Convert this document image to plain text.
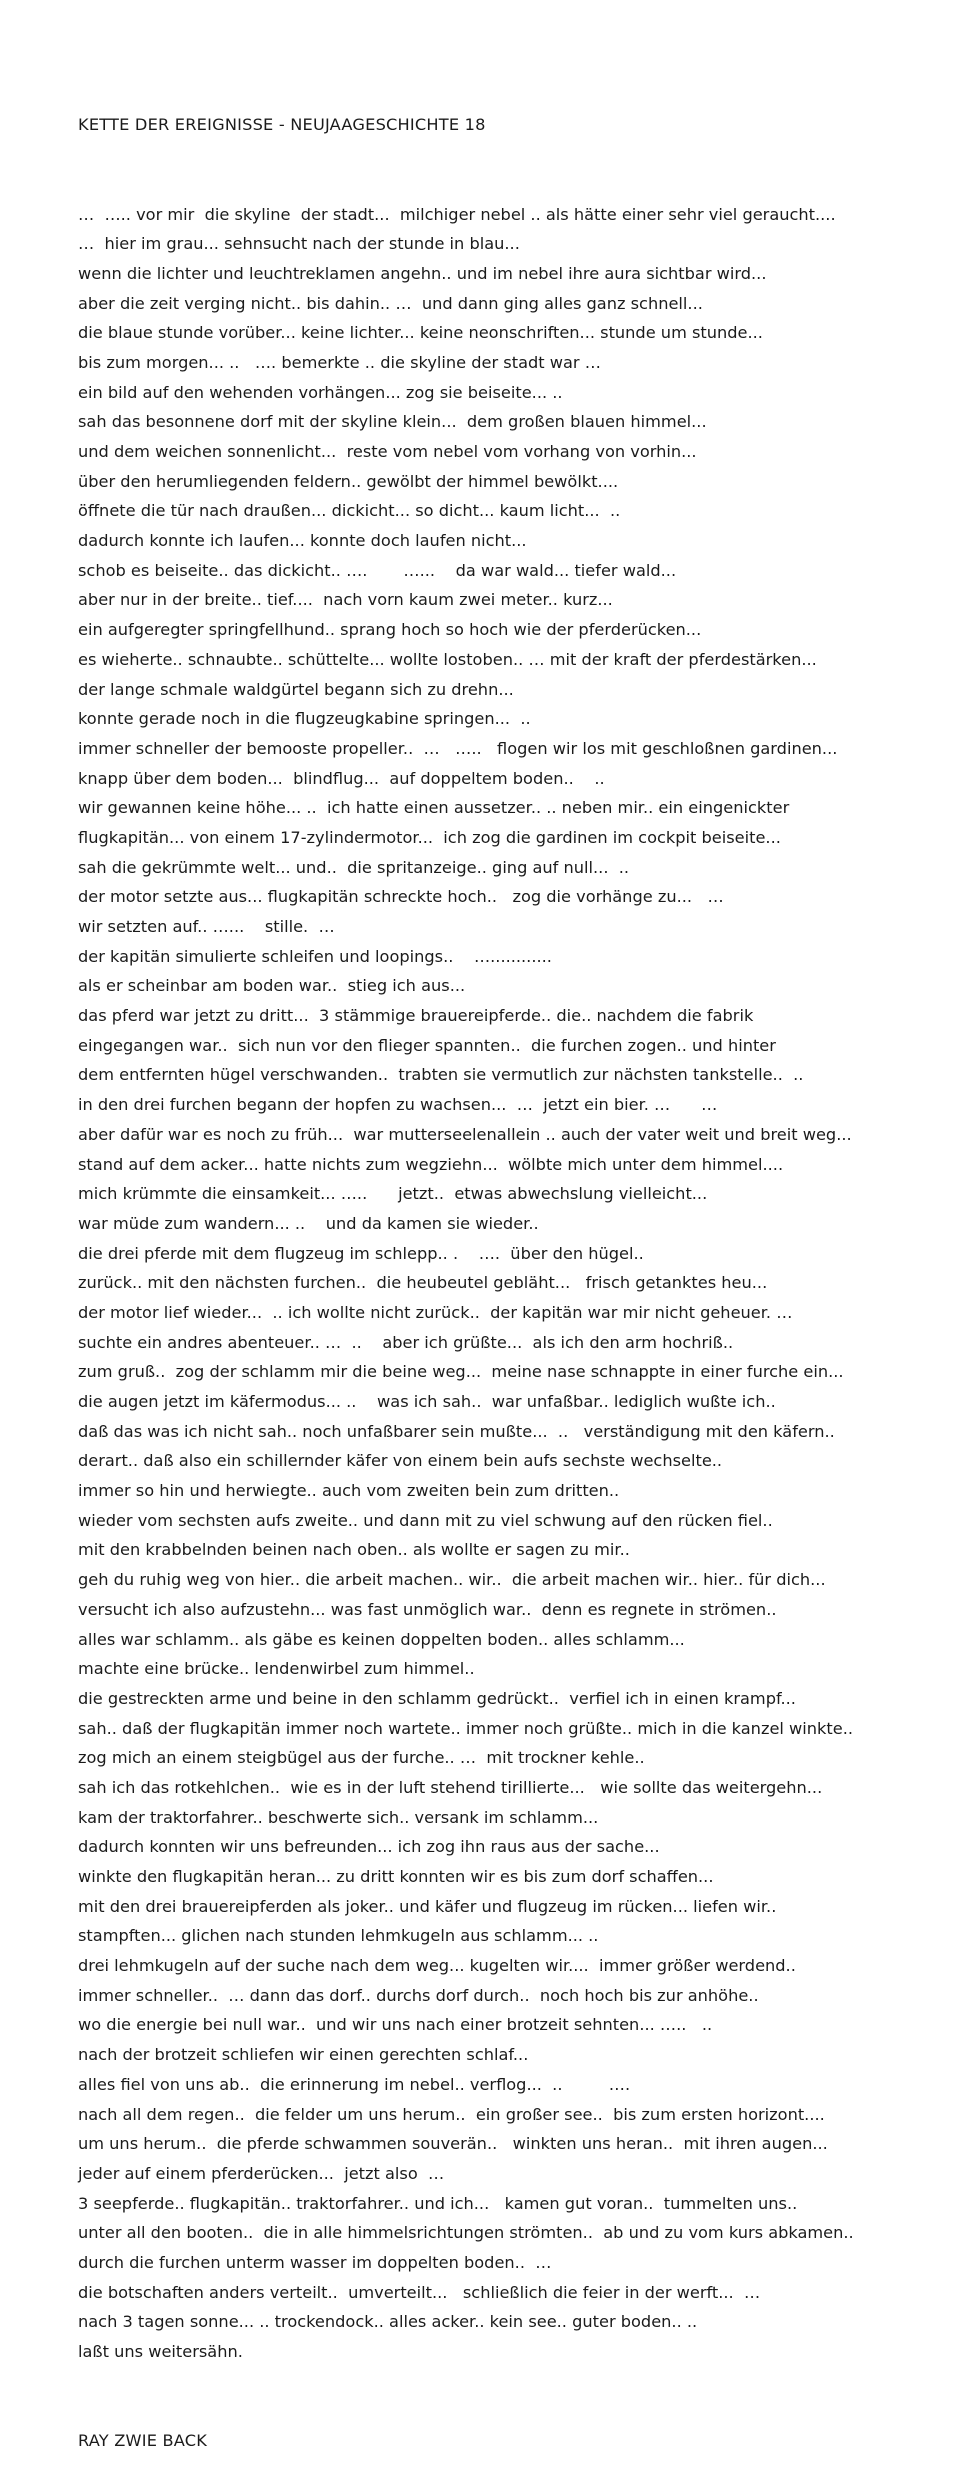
KETTE DER EREIGNISSE - NEUJAAGESCHICHTE 18

…  ….. vor mir  die skyline  der stadt...  milchiger nebel .. als hätte einer sehr viel geraucht....
…  hier im grau... sehnsucht nach der stunde in blau...
wenn die lichter und leuchtreklamen angehn.. und im nebel ihre aura sichtbar wird...
aber die zeit verging nicht.. bis dahin.. …  und dann ging alles ganz schnell...
die blaue stunde vorüber... keine lichter... keine neonschriften... stunde um stunde...
bis zum morgen... ..   …. bemerkte .. die skyline der stadt war …
ein bild auf den wehenden vorhängen... zog sie beiseite... ..
sah das besonnene dorf mit der skyline klein...  dem großen blauen himmel...
und dem weichen sonnenlicht...  reste vom nebel vom vorhang von vorhin...
über den herumliegenden feldern.. gewölbt der himmel bewölkt....
öffnete die tür nach draußen... dickicht... so dicht... kaum licht...  ..
dadurch konnte ich laufen... konnte doch laufen nicht...
schob es beiseite.. das dickicht.. ….       …...    da war wald... tiefer wald...
aber nur in der breite.. tief....  nach vorn kaum zwei meter.. kurz...
ein aufgeregter springfellhund.. sprang hoch so hoch wie der pferderücken...
es wieherte.. schnaubte.. schüttelte... wollte lostoben.. … mit der kraft der pferdestärken...
der lange schmale waldgürtel begann sich zu drehn...
konnte gerade noch in die flugzeugkabine springen...  ..
immer schneller der bemooste propeller..  …   …..   flogen wir los mit geschloßnen gardinen...
knapp über dem boden...  blindflug...  auf doppeltem boden..    ..
wir gewannen keine höhe... ..  ich hatte einen aussetzer.. .. neben mir.. ein eingenickter
flugkapitän... von einem 17-zylindermotor...  ich zog die gardinen im cockpit beiseite...
sah die gekrümmte welt... und..  die spritanzeige.. ging auf null...  ..
der motor setzte aus... flugkapitän schreckte hoch..   zog die vorhänge zu...   …
wir setzten auf.. …...    stille.  …
der kapitän simulierte schleifen und loopings..    …............
als er scheinbar am boden war..  stieg ich aus...
das pferd war jetzt zu dritt...  3 stämmige brauereipferde.. die.. nachdem die fabrik
eingegangen war..  sich nun vor den flieger spannten..  die furchen zogen.. und hinter
dem entfernten hügel verschwanden..  trabten sie vermutlich zur nächsten tankstelle..  ..
in den drei furchen begann der hopfen zu wachsen...  …  jetzt ein bier. …      …
aber dafür war es noch zu früh...  war mutterseelenallein .. auch der vater weit und breit weg...
stand auf dem acker... hatte nichts zum wegziehn...  wölbte mich unter dem himmel....
mich krümmte die einsamkeit... …..      jetzt..  etwas abwechslung vielleicht...
war müde zum wandern... ..    und da kamen sie wieder..
die drei pferde mit dem flugzeug im schlepp.. .    ….  über den hügel..
zurück.. mit den nächsten furchen..  die heubeutel gebläht...   frisch getanktes heu...
der motor lief wieder...  .. ich wollte nicht zurück..  der kapitän war mir nicht geheuer. …
suchte ein andres abenteuer.. …  ..    aber ich grüßte...  als ich den arm hochriß..
zum gruß..  zog der schlamm mir die beine weg...  meine nase schnappte in einer furche ein...
die augen jetzt im käfermodus... ..    was ich sah..  war unfaßbar.. lediglich wußte ich..
daß das was ich nicht sah.. noch unfaßbarer sein mußte...  ..   verständigung mit den käfern..
derart.. daß also ein schillernder käfer von einem bein aufs sechste wechselte..
immer so hin und herwiegte.. auch vom zweiten bein zum dritten..
wieder vom sechsten aufs zweite.. und dann mit zu viel schwung auf den rücken fiel..
mit den krabbelnden beinen nach oben.. als wollte er sagen zu mir..
geh du ruhig weg von hier.. die arbeit machen.. wir..  die arbeit machen wir.. hier.. für dich...
versucht ich also aufzustehn... was fast unmöglich war..  denn es regnete in strömen..
alles war schlamm.. als gäbe es keinen doppelten boden.. alles schlamm...
machte eine brücke.. lendenwirbel zum himmel..
die gestreckten arme und beine in den schlamm gedrückt..  verfiel ich in einen krampf...
sah.. daß der flugkapitän immer noch wartete.. immer noch grüßte.. mich in die kanzel winkte..
zog mich an einem steigbügel aus der furche.. …  mit trockner kehle..
sah ich das rotkehlchen..  wie es in der luft stehend tirillierte...   wie sollte das weitergehn...
kam der traktorfahrer.. beschwerte sich.. versank im schlamm...
dadurch konnten wir uns befreunden... ich zog ihn raus aus der sache...
winkte den flugkapitän heran... zu dritt konnten wir es bis zum dorf schaffen...
mit den drei brauereipferden als joker.. und käfer und flugzeug im rücken... liefen wir..
stampften... glichen nach stunden lehmkugeln aus schlamm... ..
drei lehmkugeln auf der suche nach dem weg... kugelten wir....  immer größer werdend..
immer schneller..  … dann das dorf.. durchs dorf durch..  noch hoch bis zur anhöhe..
wo die energie bei null war..  und wir uns nach einer brotzeit sehnten... …..   ..
nach der brotzeit schliefen wir einen gerechten schlaf...
alles fiel von uns ab..  die erinnerung im nebel.. verflog...  ..         ….
nach all dem regen..  die felder um uns herum..  ein großer see..  bis zum ersten horizont....
um uns herum..  die pferde schwammen souverän..   winkten uns heran..  mit ihren augen...
jeder auf einem pferderücken...  jetzt also  …
3 seepferde.. flugkapitän.. traktorfahrer.. und ich...   kamen gut voran..  tummelten uns..
unter all den booten..  die in alle himmelsrichtungen strömten..  ab und zu vom kurs abkamen..
durch die furchen unterm wasser im doppelten boden..  …
die botschaften anders verteilt..  umverteilt...   schließlich die feier in der werft...  …
nach 3 tagen sonne... .. trockendock.. alles acker.. kein see.. guter boden.. ..
laßt uns weitersähn.

RAY ZWIE BACK
